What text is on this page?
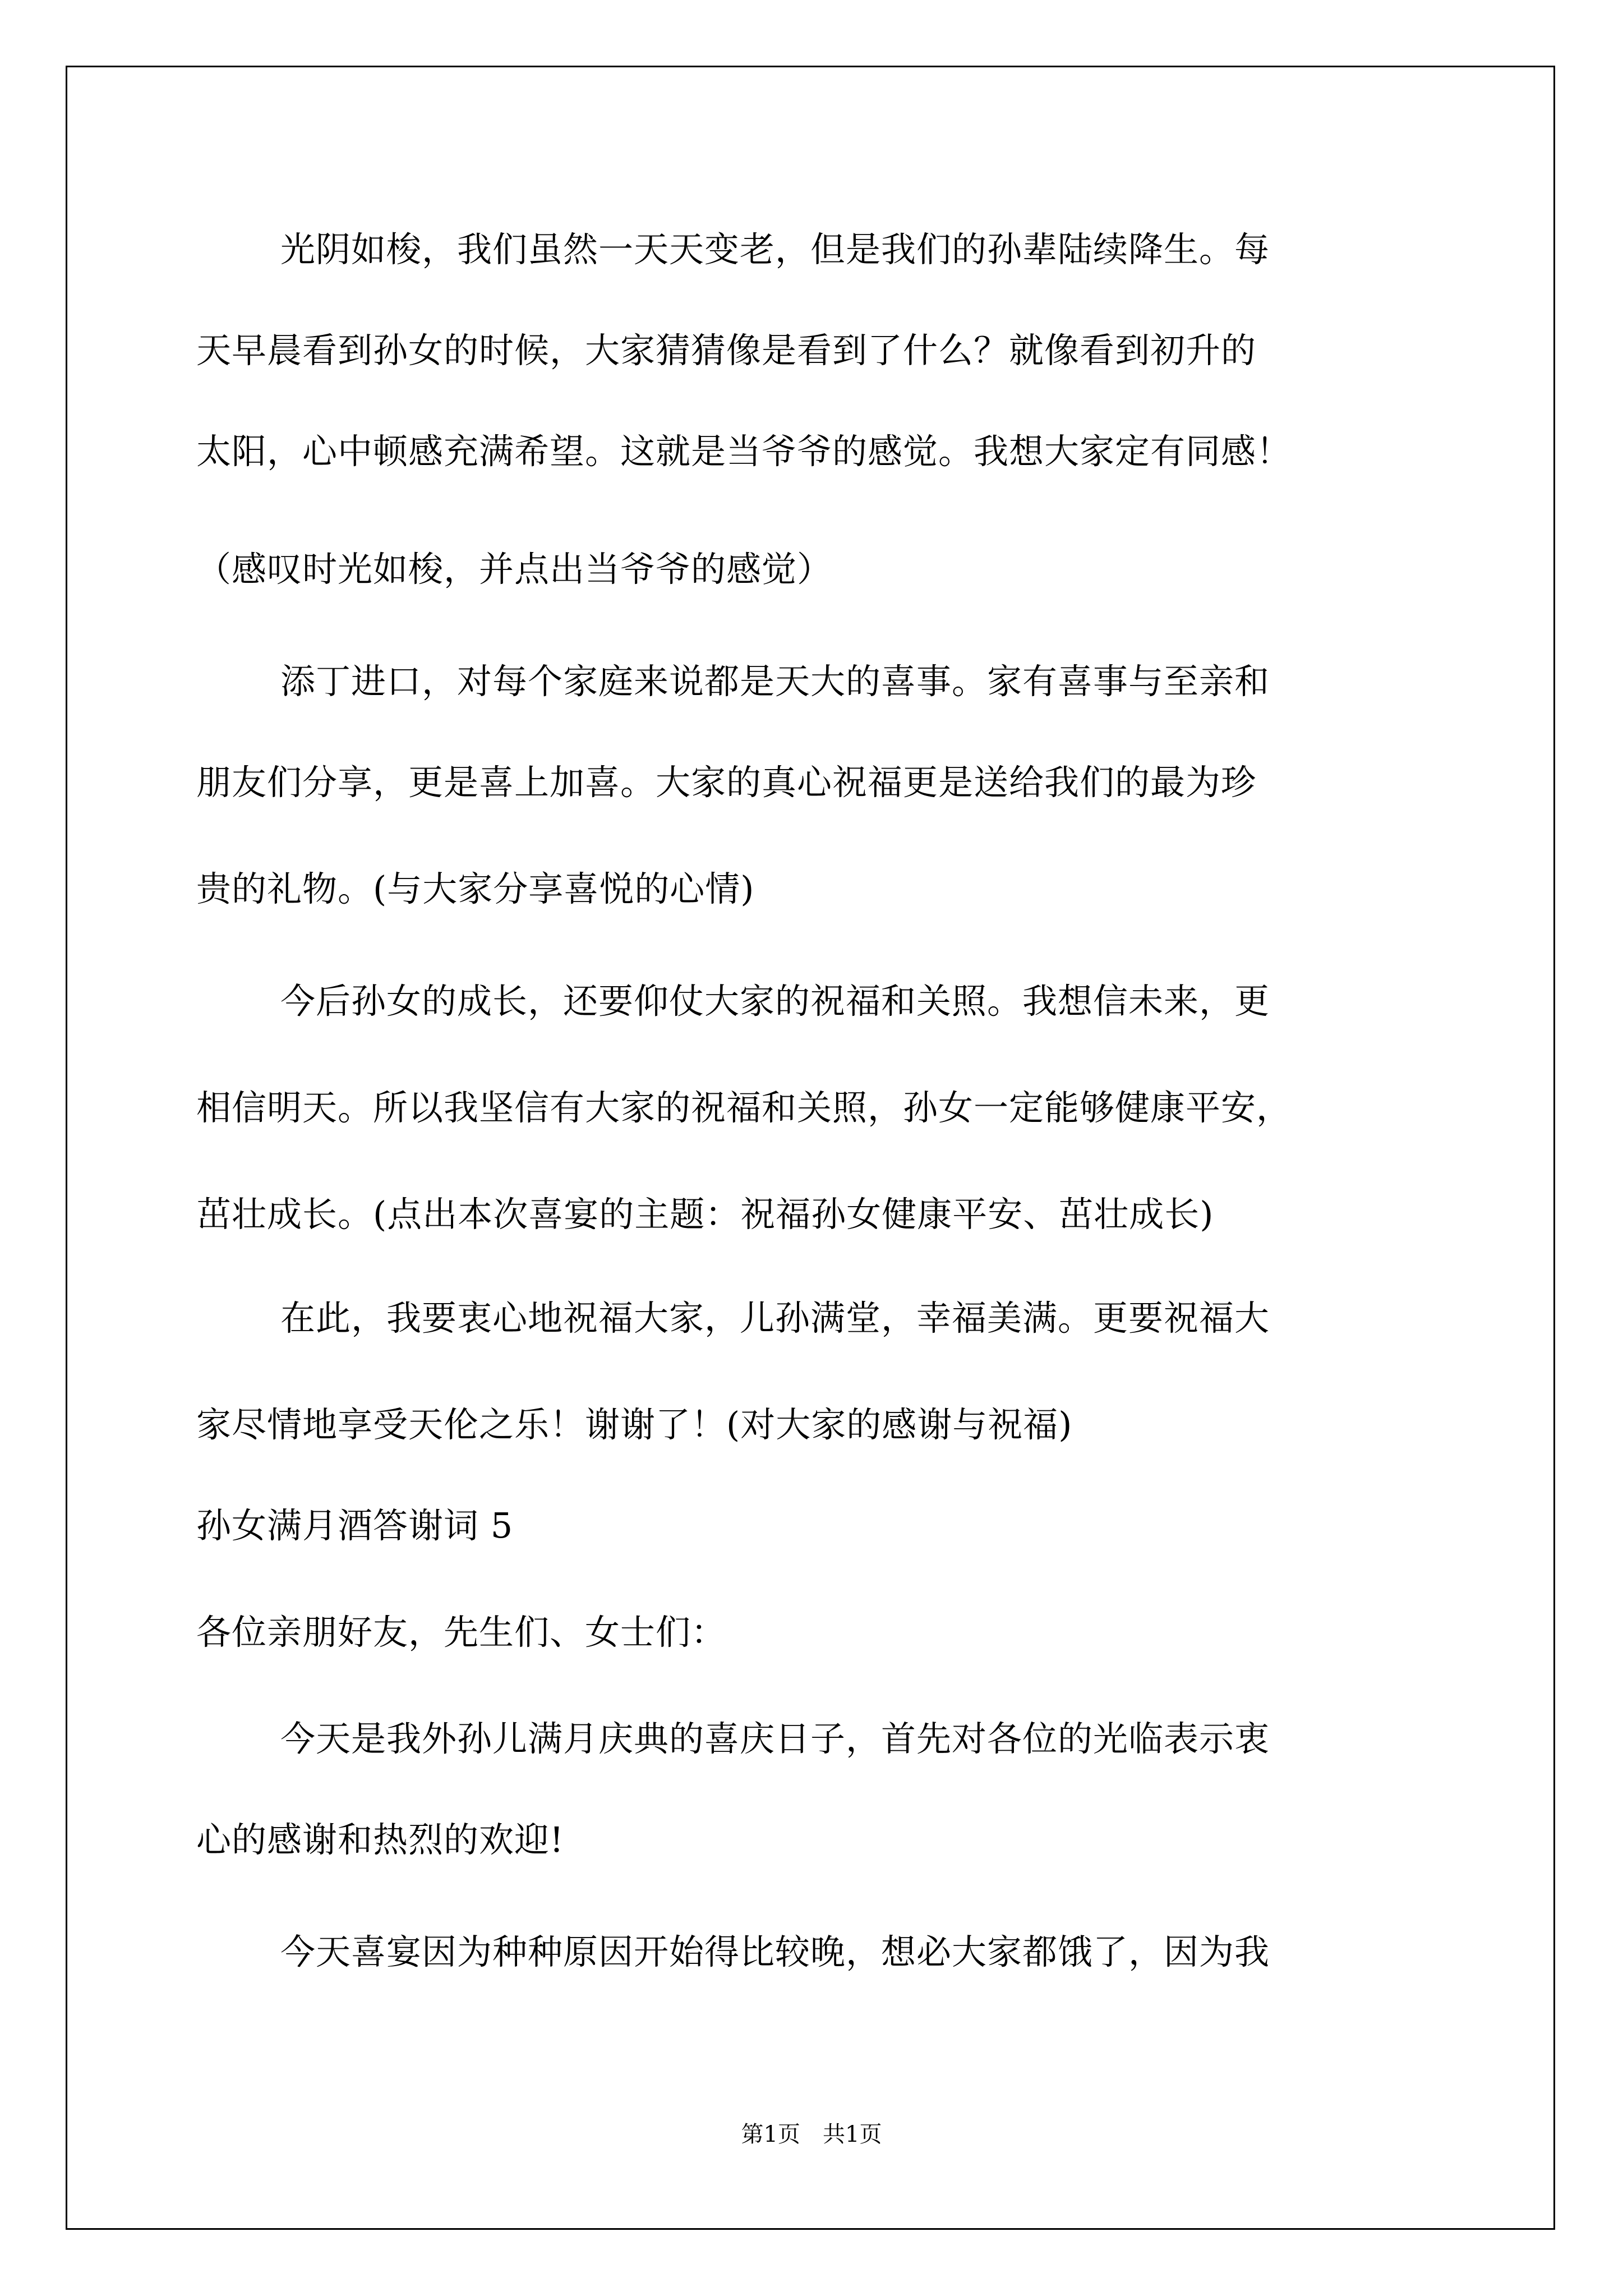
光阴如梭，我们虽然一天天变老，但是我们的孙辈陆续降生。每
天早晨看到孙女的时候，大家猜猜像是看到了什么？就像看到初升的
太阳，心中顿感充满希望。这就是当爷爷的感觉。我想大家定有同感！
（感叹时光如梭，并点出当爷爷的感觉）
添丁进口，对每个家庭来说都是天大的喜事。家有喜事与至亲和
朋友们分享，更是喜上加喜。大家的真心祝福更是送给我们的最为珍
贵的礼物。(与大家分享喜悦的心情)
今后孙女的成长，还要仰仗大家的祝福和关照。我想信未来，更
相信明天。所以我坚信有大家的祝福和关照，孙女一定能够健康平安，
茁壮成长。(点出本次喜宴的主题：祝福孙女健康平安、茁壮成长)
在此，我要衷心地祝福大家，儿孙满堂，幸福美满。更要祝福大
家尽情地享受天伦之乐！谢谢了！(对大家的感谢与祝福)
孙女满月酒答谢词 5
各位亲朋好友，先生们、女士们：
今天是我外孙儿满月庆典的喜庆日子，首先对各位的光临表示衷
心的感谢和热烈的欢迎!
今天喜宴因为种种原因开始得比较晚，想必大家都饿了，因为我
第1页　共1页
